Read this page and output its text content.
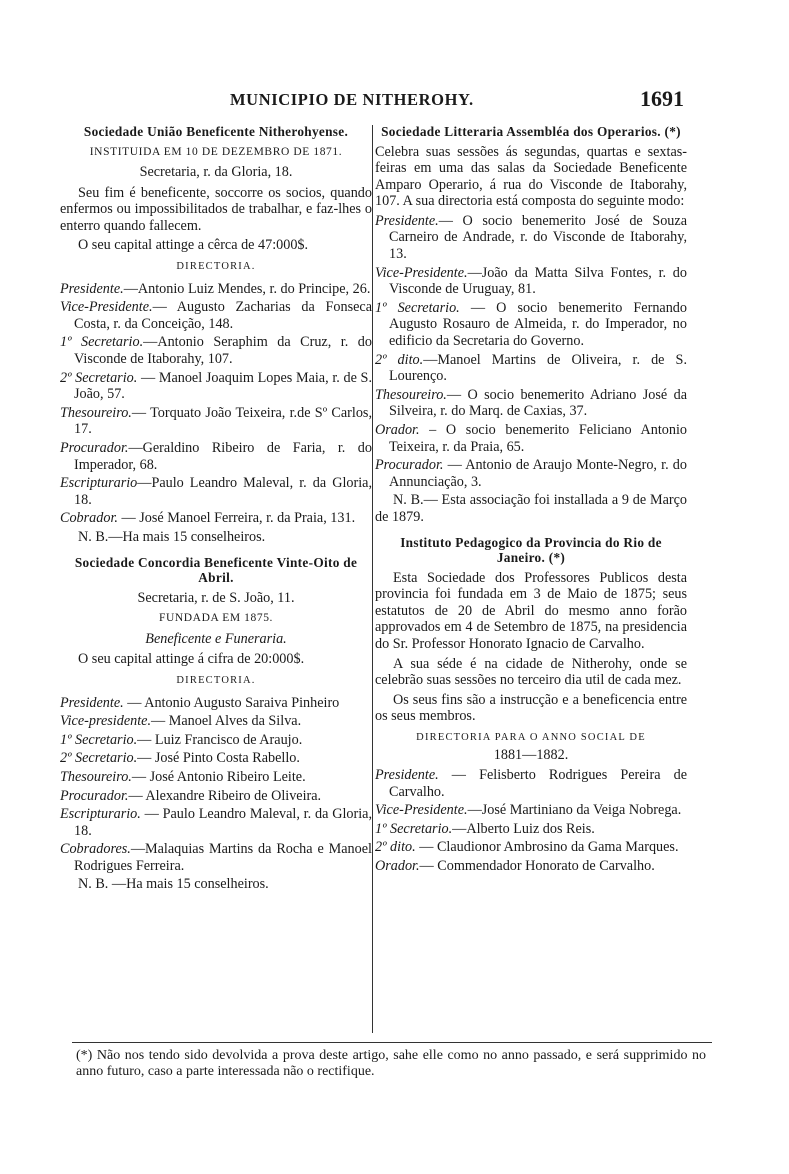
MUNICIPIO DE NITHEROHY.	1691
Sociedade União Beneficente Nitherohyense.
INSTITUIDA EM 10 DE DEZEMBRO DE 1871.
Secretaria, r. da Gloria, 18.
Seu fim é beneficente, soccorre os socios, quando enfermos ou impossibilitados de trabalhar, e faz-lhes o enterro quando fallecem.
O seu capital attinge a cêrca de 47:000$.
DIRECTORIA.
Presidente.—Antonio Luiz Mendes, r. do Principe, 26.
Vice-Presidente.— Augusto Zacharias da Fonseca Costa, r. da Conceição, 148.
1º Secretario.—Antonio Seraphim da Cruz, r. do Visconde de Itaborahy, 107.
2º Secretario. — Manoel Joaquim Lopes Maia, r. de S. João, 57.
Thesoureiro.— Torquato João Teixeira, r.de Sº Carlos, 17.
Procurador.—Geraldino Ribeiro de Faria, r. do Imperador, 68.
Escripturario—Paulo Leandro Maleval, r. da Gloria, 18.
Cobrador. — José Manoel Ferreira, r. da Praia, 131.
N. B.—Ha mais 15 conselheiros.
Sociedade Concordia Beneficente Vinte-Oito de Abril.
Secretaria, r. de S. João, 11.
FUNDADA EM 1875.
Beneficente e Funeraria.
O seu capital attinge á cifra de 20:000$.
DIRECTORIA.
Presidente. — Antonio Augusto Saraiva Pinheiro
Vice-presidente.— Manoel Alves da Silva.
1º Secretario.— Luiz Francisco de Araujo.
2º Secretario.— José Pinto Costa Rabello.
Thesoureiro.— José Antonio Ribeiro Leite.
Procurador.— Alexandre Ribeiro de Oliveira.
Escripturario. — Paulo Leandro Maleval, r. da Gloria, 18.
Cobradores.—Malaquias Martins da Rocha e Manoel Rodrigues Ferreira.
N. B. —Ha mais 15 conselheiros.
Sociedade Litteraria Assembléa dos Operarios. (*)
Celebra suas sessões ás segundas, quartas e sextas-feiras em uma das salas da Sociedade Beneficente Amparo Operario, á rua do Visconde de Itaborahy, 107. A sua directoria está composta do seguinte modo:
Presidente.— O socio benemerito José de Souza Carneiro de Andrade, r. do Visconde de Itaborahy, 13.
Vice-Presidente.—João da Matta Silva Fontes, r. do Visconde de Uruguay, 81.
1º Secretario. — O socio benemerito Fernando Augusto Rosauro de Almeida, r. do Imperador, no edificio da Secretaria do Governo.
2º dito.—Manoel Martins de Oliveira, r. de S. Lourenço.
Thesoureiro.— O socio benemerito Adriano José da Silveira, r. do Marq. de Caxias, 37.
Orador. – O socio benemerito Feliciano Antonio Teixeira, r. da Praia, 65.
Procurador. — Antonio de Araujo Monte-Negro, r. do Annunciação, 3.
N. B.— Esta associação foi installada a 9 de Março de 1879.
Instituto Pedagogico da Provincia do Rio de Janeiro. (*)
Esta Sociedade dos Professores Publicos desta provincia foi fundada em 3 de Maio de 1875; seus estatutos de 20 de Abril do mesmo anno forão approvados em 4 de Setembro de 1875, na presidencia do Sr. Professor Honorato Ignacio de Carvalho.
A sua séde é na cidade de Nitherohy, onde se celebrão suas sessões no terceiro dia util de cada mez.
Os seus fins são a instrucção e a beneficencia entre os seus membros.
DIRECTORIA PARA O ANNO SOCIAL DE
1881—1882.
Presidente. — Felisberto Rodrigues Pereira de Carvalho.
Vice-Presidente.—José Martiniano da Veiga Nobrega.
1º Secretario.—Alberto Luiz dos Reis.
2º dito. — Claudionor Ambrosino da Gama Marques.
Orador.— Commendador Honorato de Carvalho.
(*) Não nos tendo sido devolvida a prova deste artigo, sahe elle como no anno passado, e será supprimido no anno futuro, caso a parte interessada não o rectifique.
